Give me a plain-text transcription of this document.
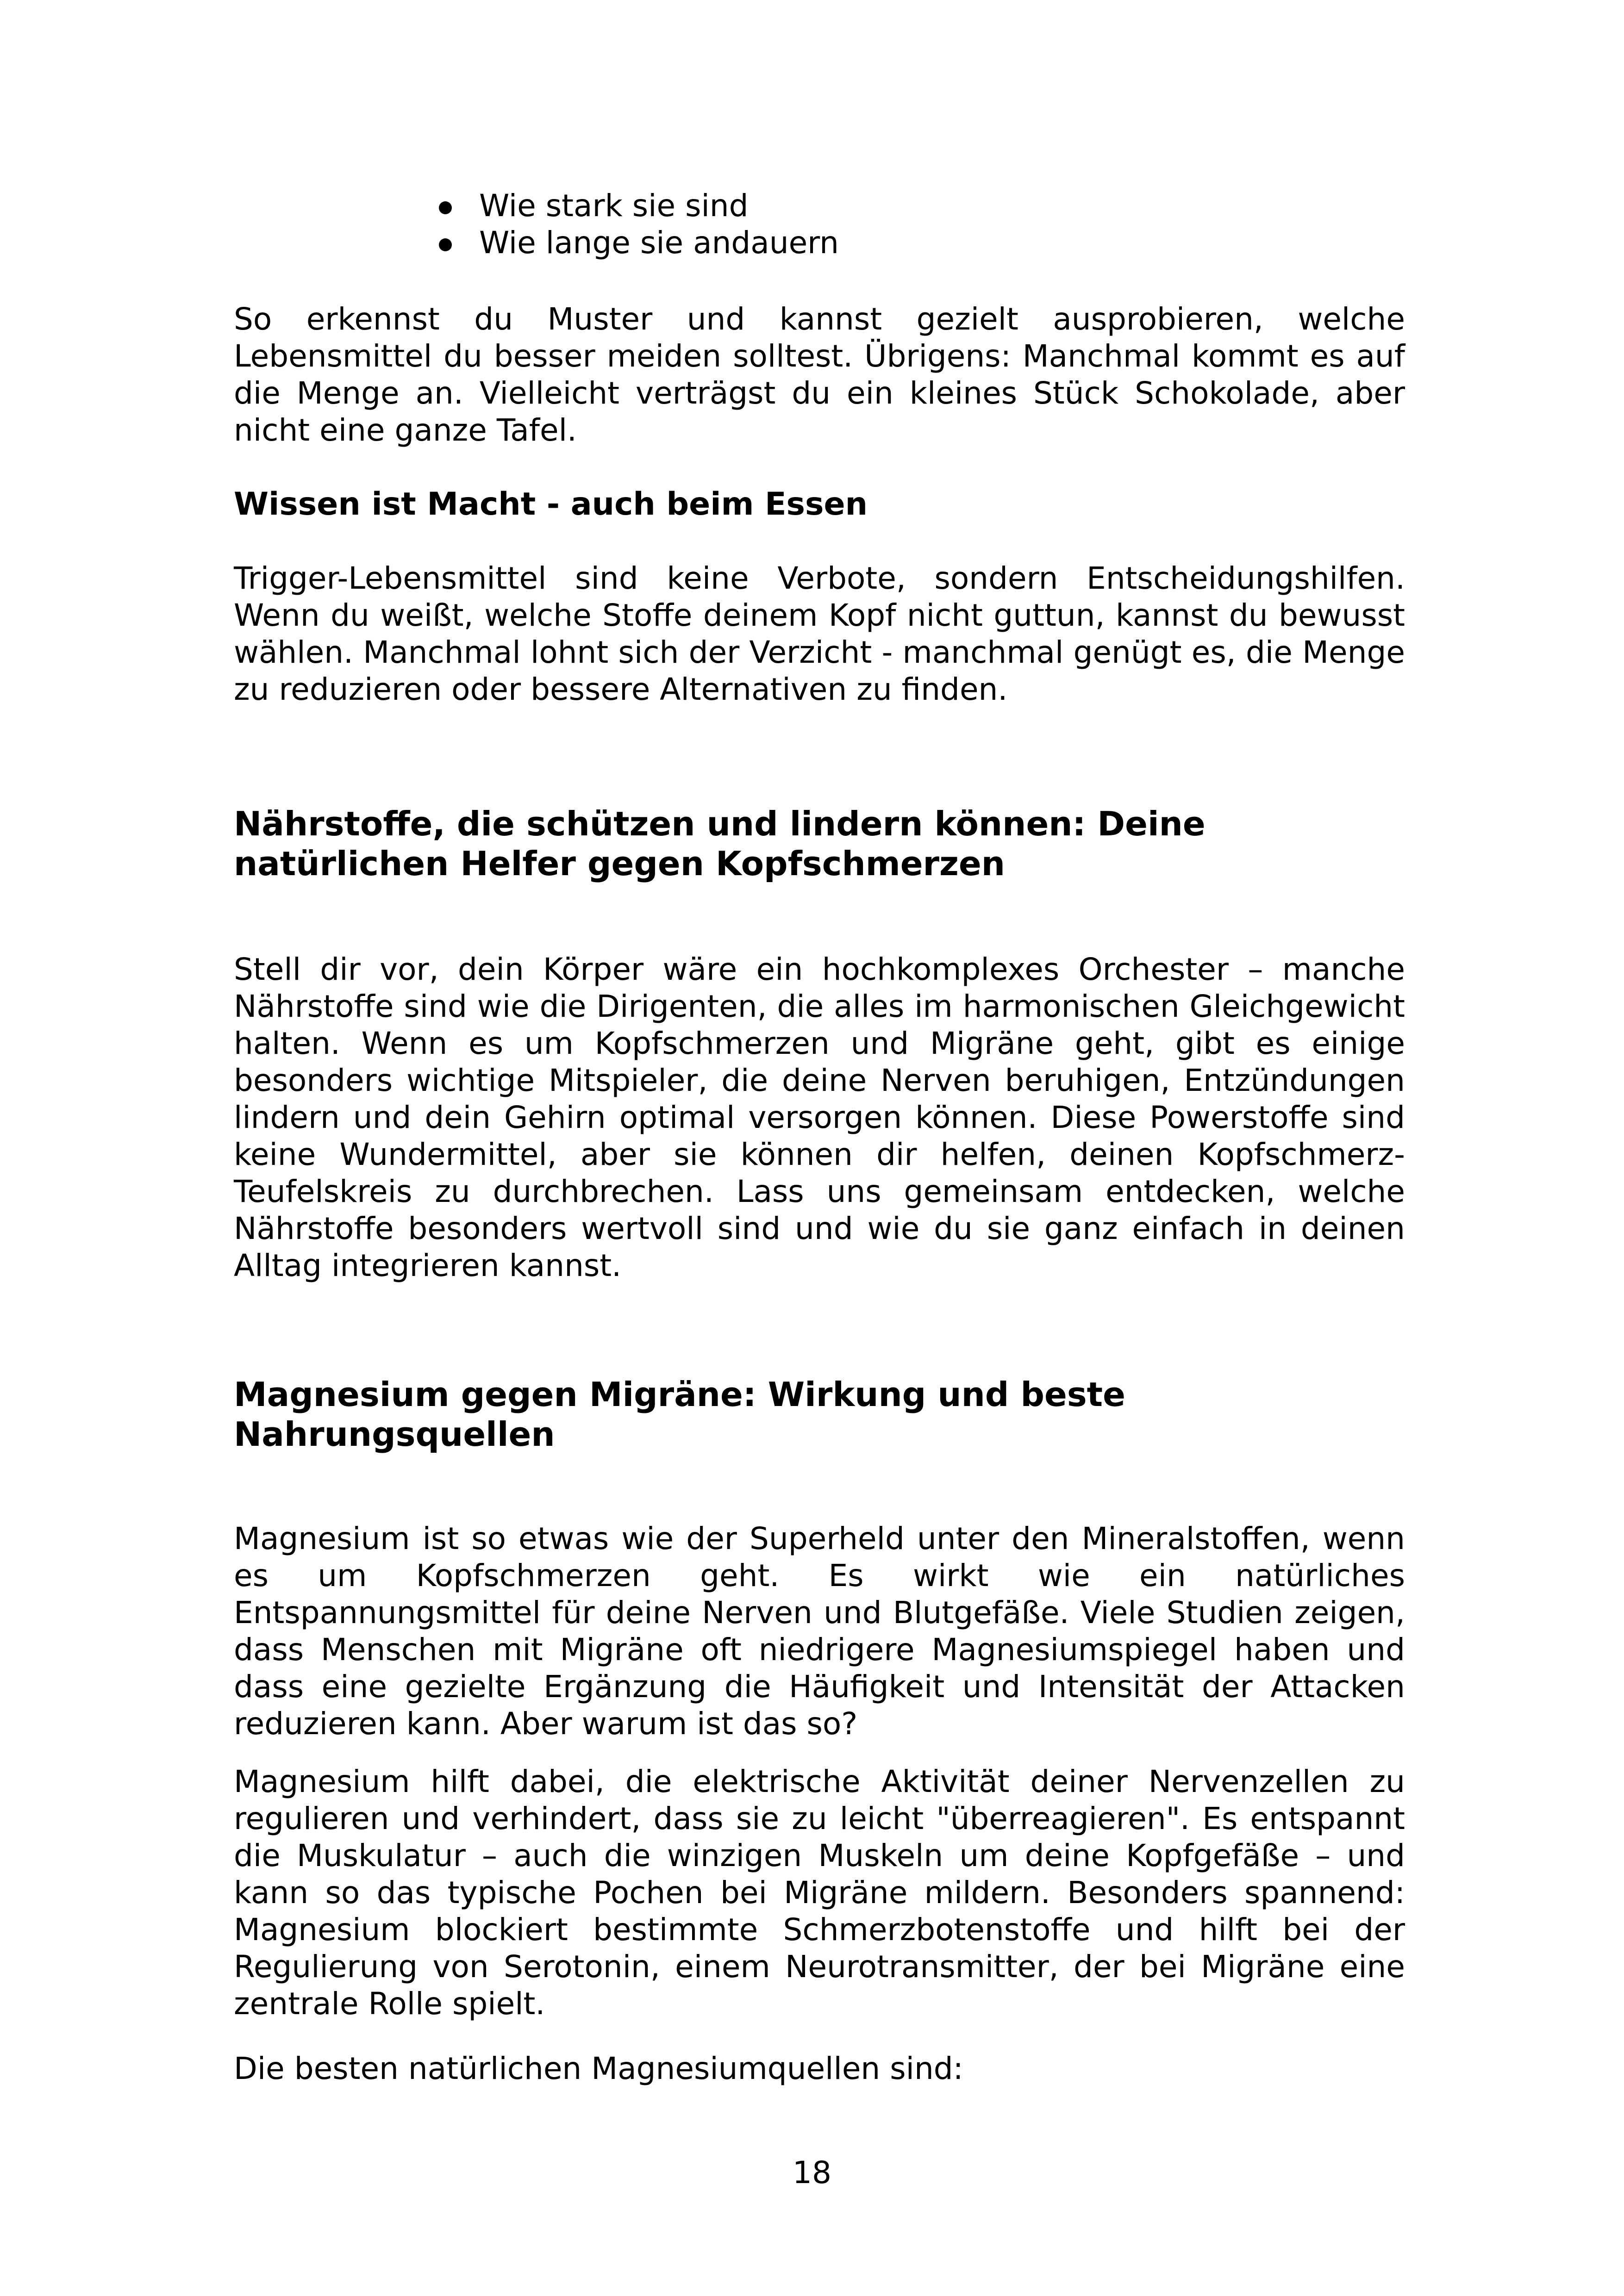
Wie stark sie sind
Wie lange sie andauern

So erkennst du Muster und kannst gezielt ausprobieren, welche Lebensmittel du besser meiden solltest. Übrigens: Manchmal kommt es auf die Menge an. Vielleicht verträgst du ein kleines Stück Schokolade, aber nicht eine ganze Tafel.

Wissen ist Macht - auch beim Essen

Trigger-Lebensmittel sind keine Verbote, sondern Entscheidungshilfen. Wenn du weißt, welche Stoffe deinem Kopf nicht guttun, kannst du bewusst wählen. Manchmal lohnt sich der Verzicht - manchmal genügt es, die Menge zu reduzieren oder bessere Alternativen zu finden.

Nährstoffe, die schützen und lindern können: Deine natürlichen Helfer gegen Kopfschmerzen

Stell dir vor, dein Körper wäre ein hochkomplexes Orchester – manche Nährstoffe sind wie die Dirigenten, die alles im harmonischen Gleichgewicht halten. Wenn es um Kopfschmerzen und Migräne geht, gibt es einige besonders wichtige Mitspieler, die deine Nerven beruhigen, Entzündungen lindern und dein Gehirn optimal versorgen können. Diese Powerstoffe sind keine Wundermittel, aber sie können dir helfen, deinen Kopfschmerz-Teufelskreis zu durchbrechen. Lass uns gemeinsam entdecken, welche Nährstoffe besonders wertvoll sind und wie du sie ganz einfach in deinen Alltag integrieren kannst.

Magnesium gegen Migräne: Wirkung und beste Nahrungsquellen

Magnesium ist so etwas wie der Superheld unter den Mineralstoffen, wenn es um Kopfschmerzen geht. Es wirkt wie ein natürliches Entspannungsmittel für deine Nerven und Blutgefäße. Viele Studien zeigen, dass Menschen mit Migräne oft niedrigere Magnesiumspiegel haben und dass eine gezielte Ergänzung die Häufigkeit und Intensität der Attacken reduzieren kann. Aber warum ist das so?

Magnesium hilft dabei, die elektrische Aktivität deiner Nervenzellen zu regulieren und verhindert, dass sie zu leicht "überreagieren". Es entspannt die Muskulatur – auch die winzigen Muskeln um deine Kopfgefäße – und kann so das typische Pochen bei Migräne mildern. Besonders spannend: Magnesium blockiert bestimmte Schmerzbotenstoffe und hilft bei der Regulierung von Serotonin, einem Neurotransmitter, der bei Migräne eine zentrale Rolle spielt.

Die besten natürlichen Magnesiumquellen sind:

18
